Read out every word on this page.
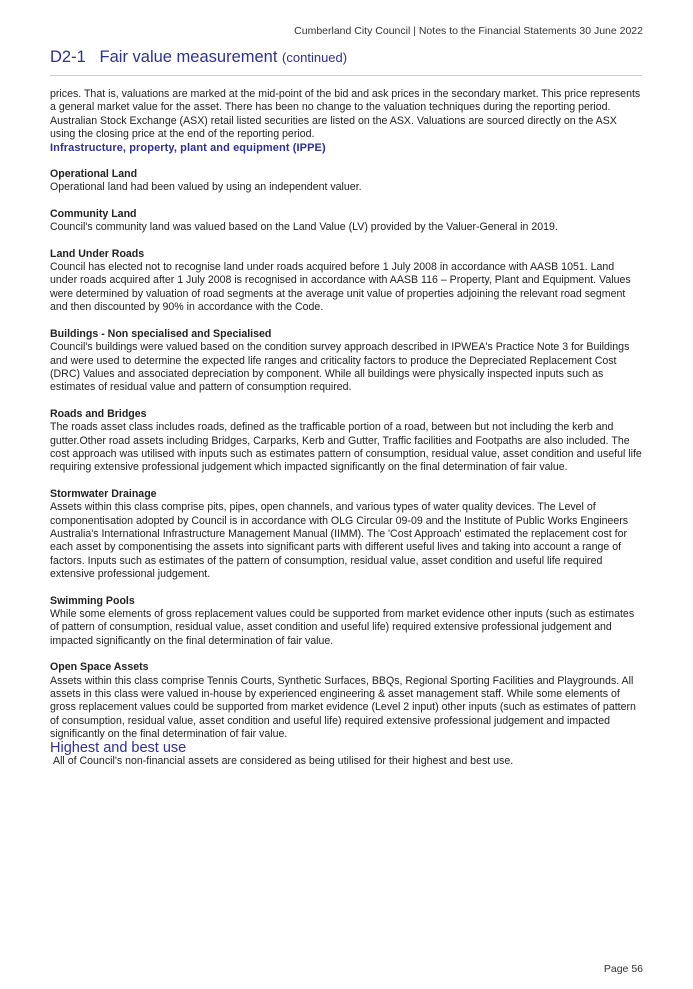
Cumberland City Council | Notes to the Financial Statements 30 June 2022
D2-1 Fair value measurement (continued)

prices. That is, valuations are marked at the mid-point of the bid and ask prices in the secondary market. This price represents a general market value for the asset. There has been no change to the valuation techniques during the reporting period. Australian Stock Exchange (ASX) retail listed securities are listed on the ASX. Valuations are sourced directly on the ASX using the closing price at the end of the reporting period.

Infrastructure, property, plant and equipment (IPPE)

Operational Land

Operational land had been valued by using an independent valuer.

Community Land

Council's community land was valued based on the Land Value (LV) provided by the Valuer-General in 2019.

Land Under Roads

Council has elected not to recognise land under roads acquired before 1 July 2008 in accordance with AASB 1051. Land under roads acquired after 1 July 2008 is recognised in accordance with AASB 116 – Property, Plant and Equipment. Values were determined by valuation of road segments at the average unit value of properties adjoining the relevant road segment and then discounted by 90% in accordance with the Code.

Buildings - Non specialised and Specialised

Council's buildings were valued based on the condition survey approach described in IPWEA's Practice Note 3 for Buildings and were used to determine the expected life ranges and criticality factors to produce the Depreciated Replacement Cost (DRC) Values and associated depreciation by component. While all buildings were physically inspected inputs such as estimates of residual value and pattern of consumption required.

Roads and Bridges

The roads asset class includes roads, defined as the trafficable portion of a road, between but not including the kerb and gutter.Other road assets including Bridges, Carparks, Kerb and Gutter, Traffic facilities and Footpaths are also included. The cost approach was utilised with inputs such as estimates pattern of consumption, residual value, asset condition and useful life requiring extensive professional judgement which impacted significantly on the final determination of fair value.

Stormwater Drainage

Assets within this class comprise pits, pipes, open channels, and various types of water quality devices. The Level of componentisation adopted by Council is in accordance with OLG Circular 09-09 and the Institute of Public Works Engineers Australia's International Infrastructure Management Manual (IIMM). The 'Cost Approach' estimated the replacement cost for each asset by componentising the assets into significant parts with different useful lives and taking into account a range of factors. Inputs such as estimates of the pattern of consumption, residual value, asset condition and useful life required extensive professional judgement.

Swimming Pools

While some elements of gross replacement values could be supported from market evidence other inputs (such as estimates of pattern of consumption, residual value, asset condition and useful life) required extensive professional judgement and impacted significantly on the final determination of fair value.

Open Space Assets

Assets within this class comprise Tennis Courts, Synthetic Surfaces, BBQs, Regional Sporting Facilities and Playgrounds. All assets in this class were valued in-house by experienced engineering & asset management staff. While some elements of gross replacement values could be supported from market evidence (Level 2 input) other inputs (such as estimates of pattern of consumption, residual value, asset condition and useful life) required extensive professional judgement and impacted significantly on the final determination of fair value.

Highest and best use

All of Council's non-financial assets are considered as being utilised for their highest and best use.

Page 56
